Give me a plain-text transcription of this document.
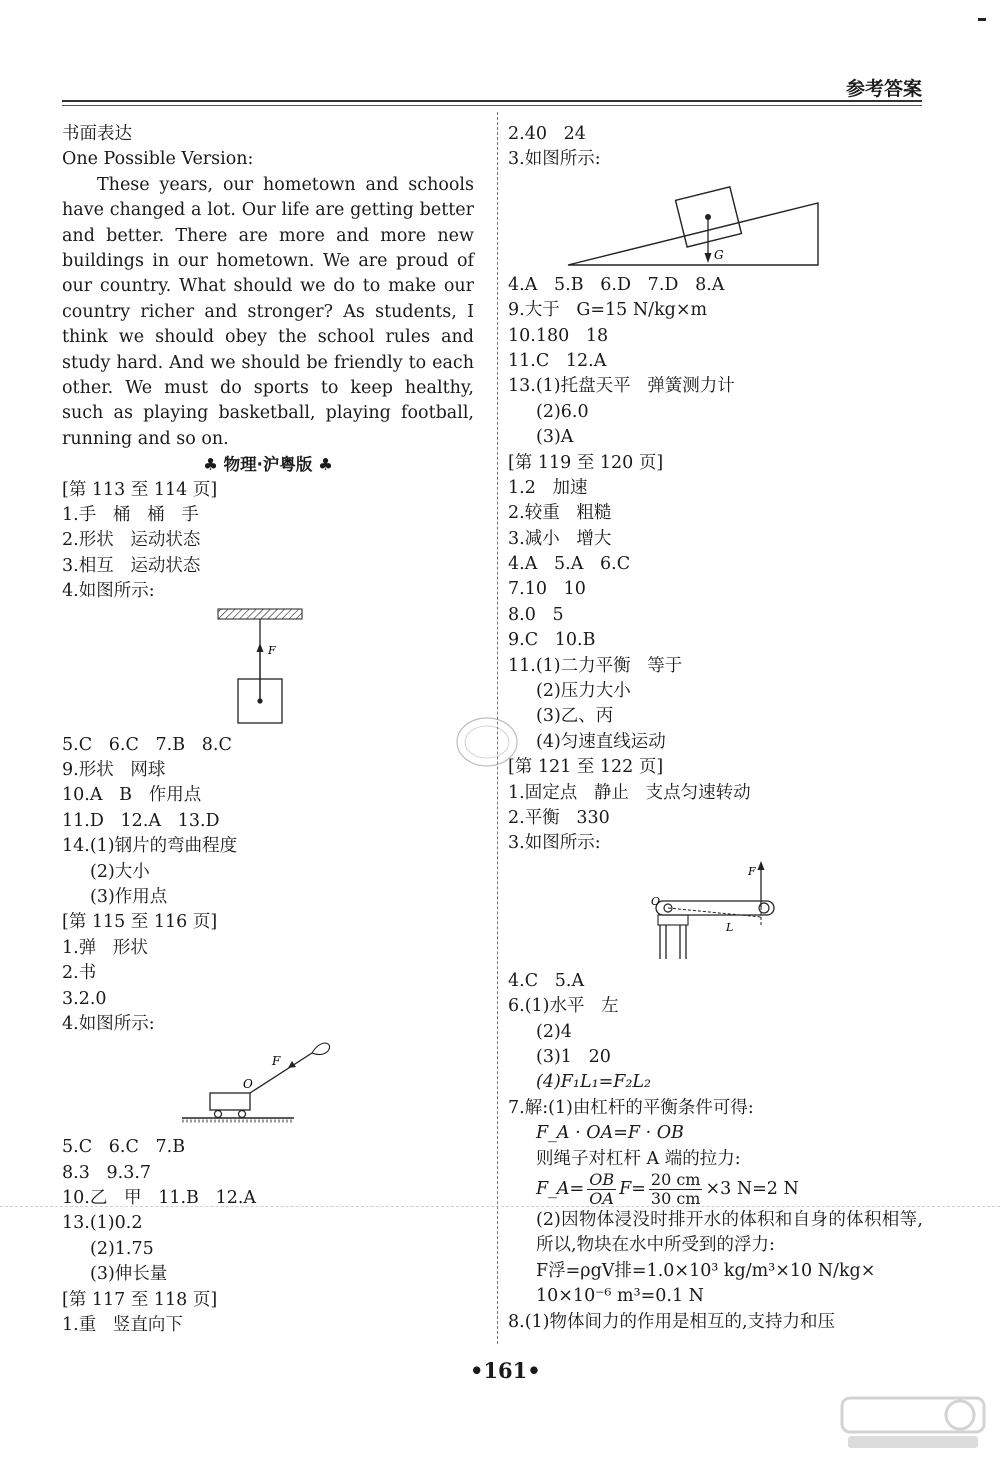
参考答案
书面表达
One Possible Version:
These years, our hometown and schools have changed a lot. Our life are getting better and better. There are more and more new buildings in our hometown. We are proud of our country. What should we do to make our country richer and stronger? As students, I think we should obey the school rules and study hard. And we should be friendly to each other. We must do sports to keep healthy, such as playing basketball, playing football, running and so on.
♣ 物理·沪粤版 ♣
[第 113 至 114 页]
1.手   桶   桶   手
2.形状   运动状态
3.相互   运动状态
4.如图所示:
F
5.C   6.C   7.B   8.C
9.形状   网球
10.A   B   作用点
11.D   12.A   13.D
14.(1)钢片的弯曲程度
(2)大小
(3)作用点
[第 115 至 116 页]
1.弹   形状
2.书
3.2.0
4.如图所示:
F
O
5.C   6.C   7.B
8.3   9.3.7
10.乙   甲   11.B   12.A
13.(1)0.2
(2)1.75
(3)伸长量
[第 117 至 118 页]
1.重   竖直向下
2.40   24
3.如图所示:
G
4.A   5.B   6.D   7.D   8.A
9.大于   G=15 N/kg×m
10.180   18
11.C   12.A
13.(1)托盘天平   弹簧测力计
(2)6.0
(3)A
[第 119 至 120 页]
1.2   加速
2.较重   粗糙
3.减小   增大
4.A   5.A   6.C
7.10   10
8.0   5
9.C   10.B
11.(1)二力平衡   等于
(2)压力大小
(3)乙、丙
(4)匀速直线运动
[第 121 至 122 页]
1.固定点   静止   支点匀速转动
2.平衡   330
3.如图所示:
F
O
L
4.C   5.A
6.(1)水平   左
(2)4
(3)1   20
(4)F₁L₁=F₂L₂
7.解:(1)由杠杆的平衡条件可得:
F_A · OA=F · OB
则绳子对杠杆 A 端的拉力:
F_A= $\frac{OB}{OA} F= \frac{20 cm}{30 cm} \times 3$ N=2 N
(2)因物体浸没时排开水的体积和自身的体积相等,所以,物块在水中所受到的浮力:
F浮=ρgV排=1.0×10³ kg/m³×10 N/kg×
10×10⁻⁶ m³=0.1 N
8.(1)物体间力的作用是相互的,支持力和压
•161•
